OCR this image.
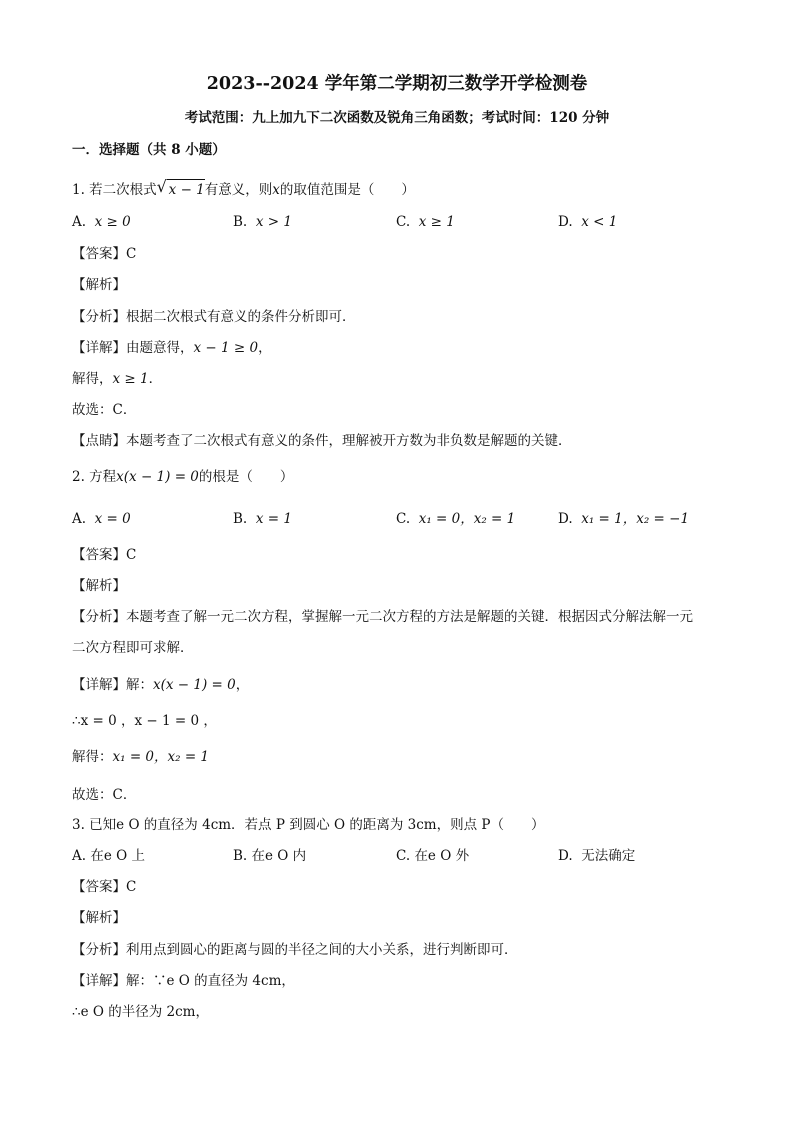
2023--2024 学年第二学期初三数学开学检测卷
考试范围：九上加九下二次函数及锐角三角函数；考试时间：120 分钟
一．选择题（共 8 小题）
1. 若二次根式 √ x − 1有意义，则x的取值范围是（　　）
A. x ≥ 0	B. x > 1	C. x ≥ 1	D. x < 1
【答案】C
【解析】
【分析】根据二次根式有意义的条件分析即可．
【详解】由题意得，x − 1 ≥ 0，
解得，x ≥ 1．
故选：C．
【点睛】本题考查了二次根式有意义的条件，理解被开方数为非负数是解题的关键．
2. 方程x(x − 1) = 0的根是（　　）
A. x = 0	B. x = 1	C. x₁ = 0，x₂ = 1	D. x₁ = 1，x₂ = −1
【答案】C
【解析】
【分析】本题考查了解一元二次方程，掌握解一元二次方程的方法是解题的关键．根据因式分解法解一元
二次方程即可求解．
【详解】解：x(x − 1) = 0，
∴x = 0 ，x − 1 = 0 ，
解得：x₁ = 0，x₂ = 1
故选：C．
3. 已知e O 的直径为 4cm．若点 P 到圆心 O 的距离为 3cm，则点 P（　　）
A. 在e O 上	B. 在e O 内	C. 在e O 外	D. 无法确定
【答案】C
【解析】
【分析】利用点到圆心的距离与圆的半径之间的大小关系，进行判断即可．
【详解】解：∵e O 的直径为 4cm，
∴e O 的半径为 2cm，
